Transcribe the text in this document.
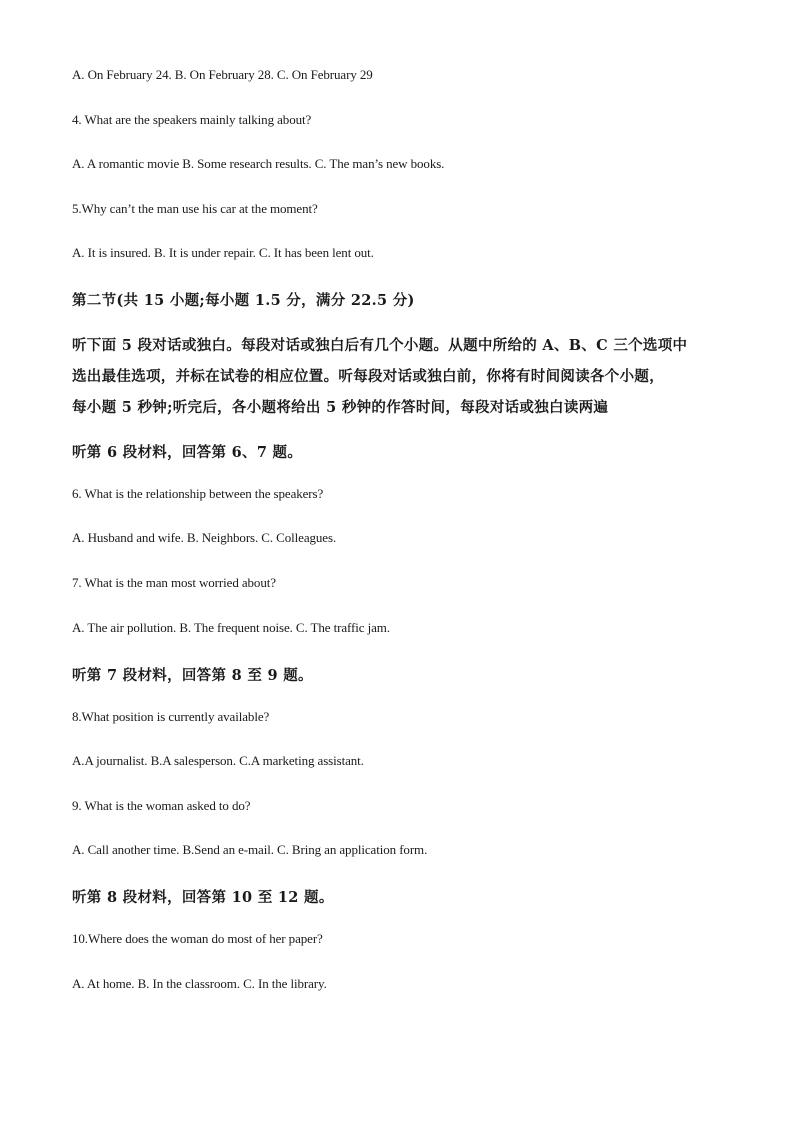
A. On February 24. B. On February 28. C. On February 29
4. What are the speakers mainly talking about?
A. A romantic movie B. Some research results. C. The man’s new books.
5.Why can’t the man use his car at the moment?
A. It is insured. B. It is under repair. C. It has been lent out.
第二节(共 15 小题;每小题 1.5 分，满分 22.5 分)
听下面 5 段对话或独白。每段对话或独白后有几个小题。从题中所给的 A、B、C 三个选项中
选出最佳选项，并标在试卷的相应位置。听每段对话或独白前，你将有时间阅读各个小题，
每小题 5 秒钟;听完后，各小题将给出 5 秒钟的作答时间，每段对话或独白读两遍
听第 6 段材料，回答第 6、7 题。
6. What is the relationship between the speakers?
A. Husband and wife. B. Neighbors. C. Colleagues.
7. What is the man most worried about?
A. The air pollution. B. The frequent noise. C. The traffic jam.
听第 7 段材料，回答第 8 至 9 题。
8.What position is currently available?
A.A journalist. B.A salesperson. C.A marketing assistant.
9. What is the woman asked to do?
A. Call another time. B.Send an e-mail. C. Bring an application form.
听第 8 段材料，回答第 10 至 12 题。
10.Where does the woman do most of her paper?
A. At home. B. In the classroom. C. In the library.
